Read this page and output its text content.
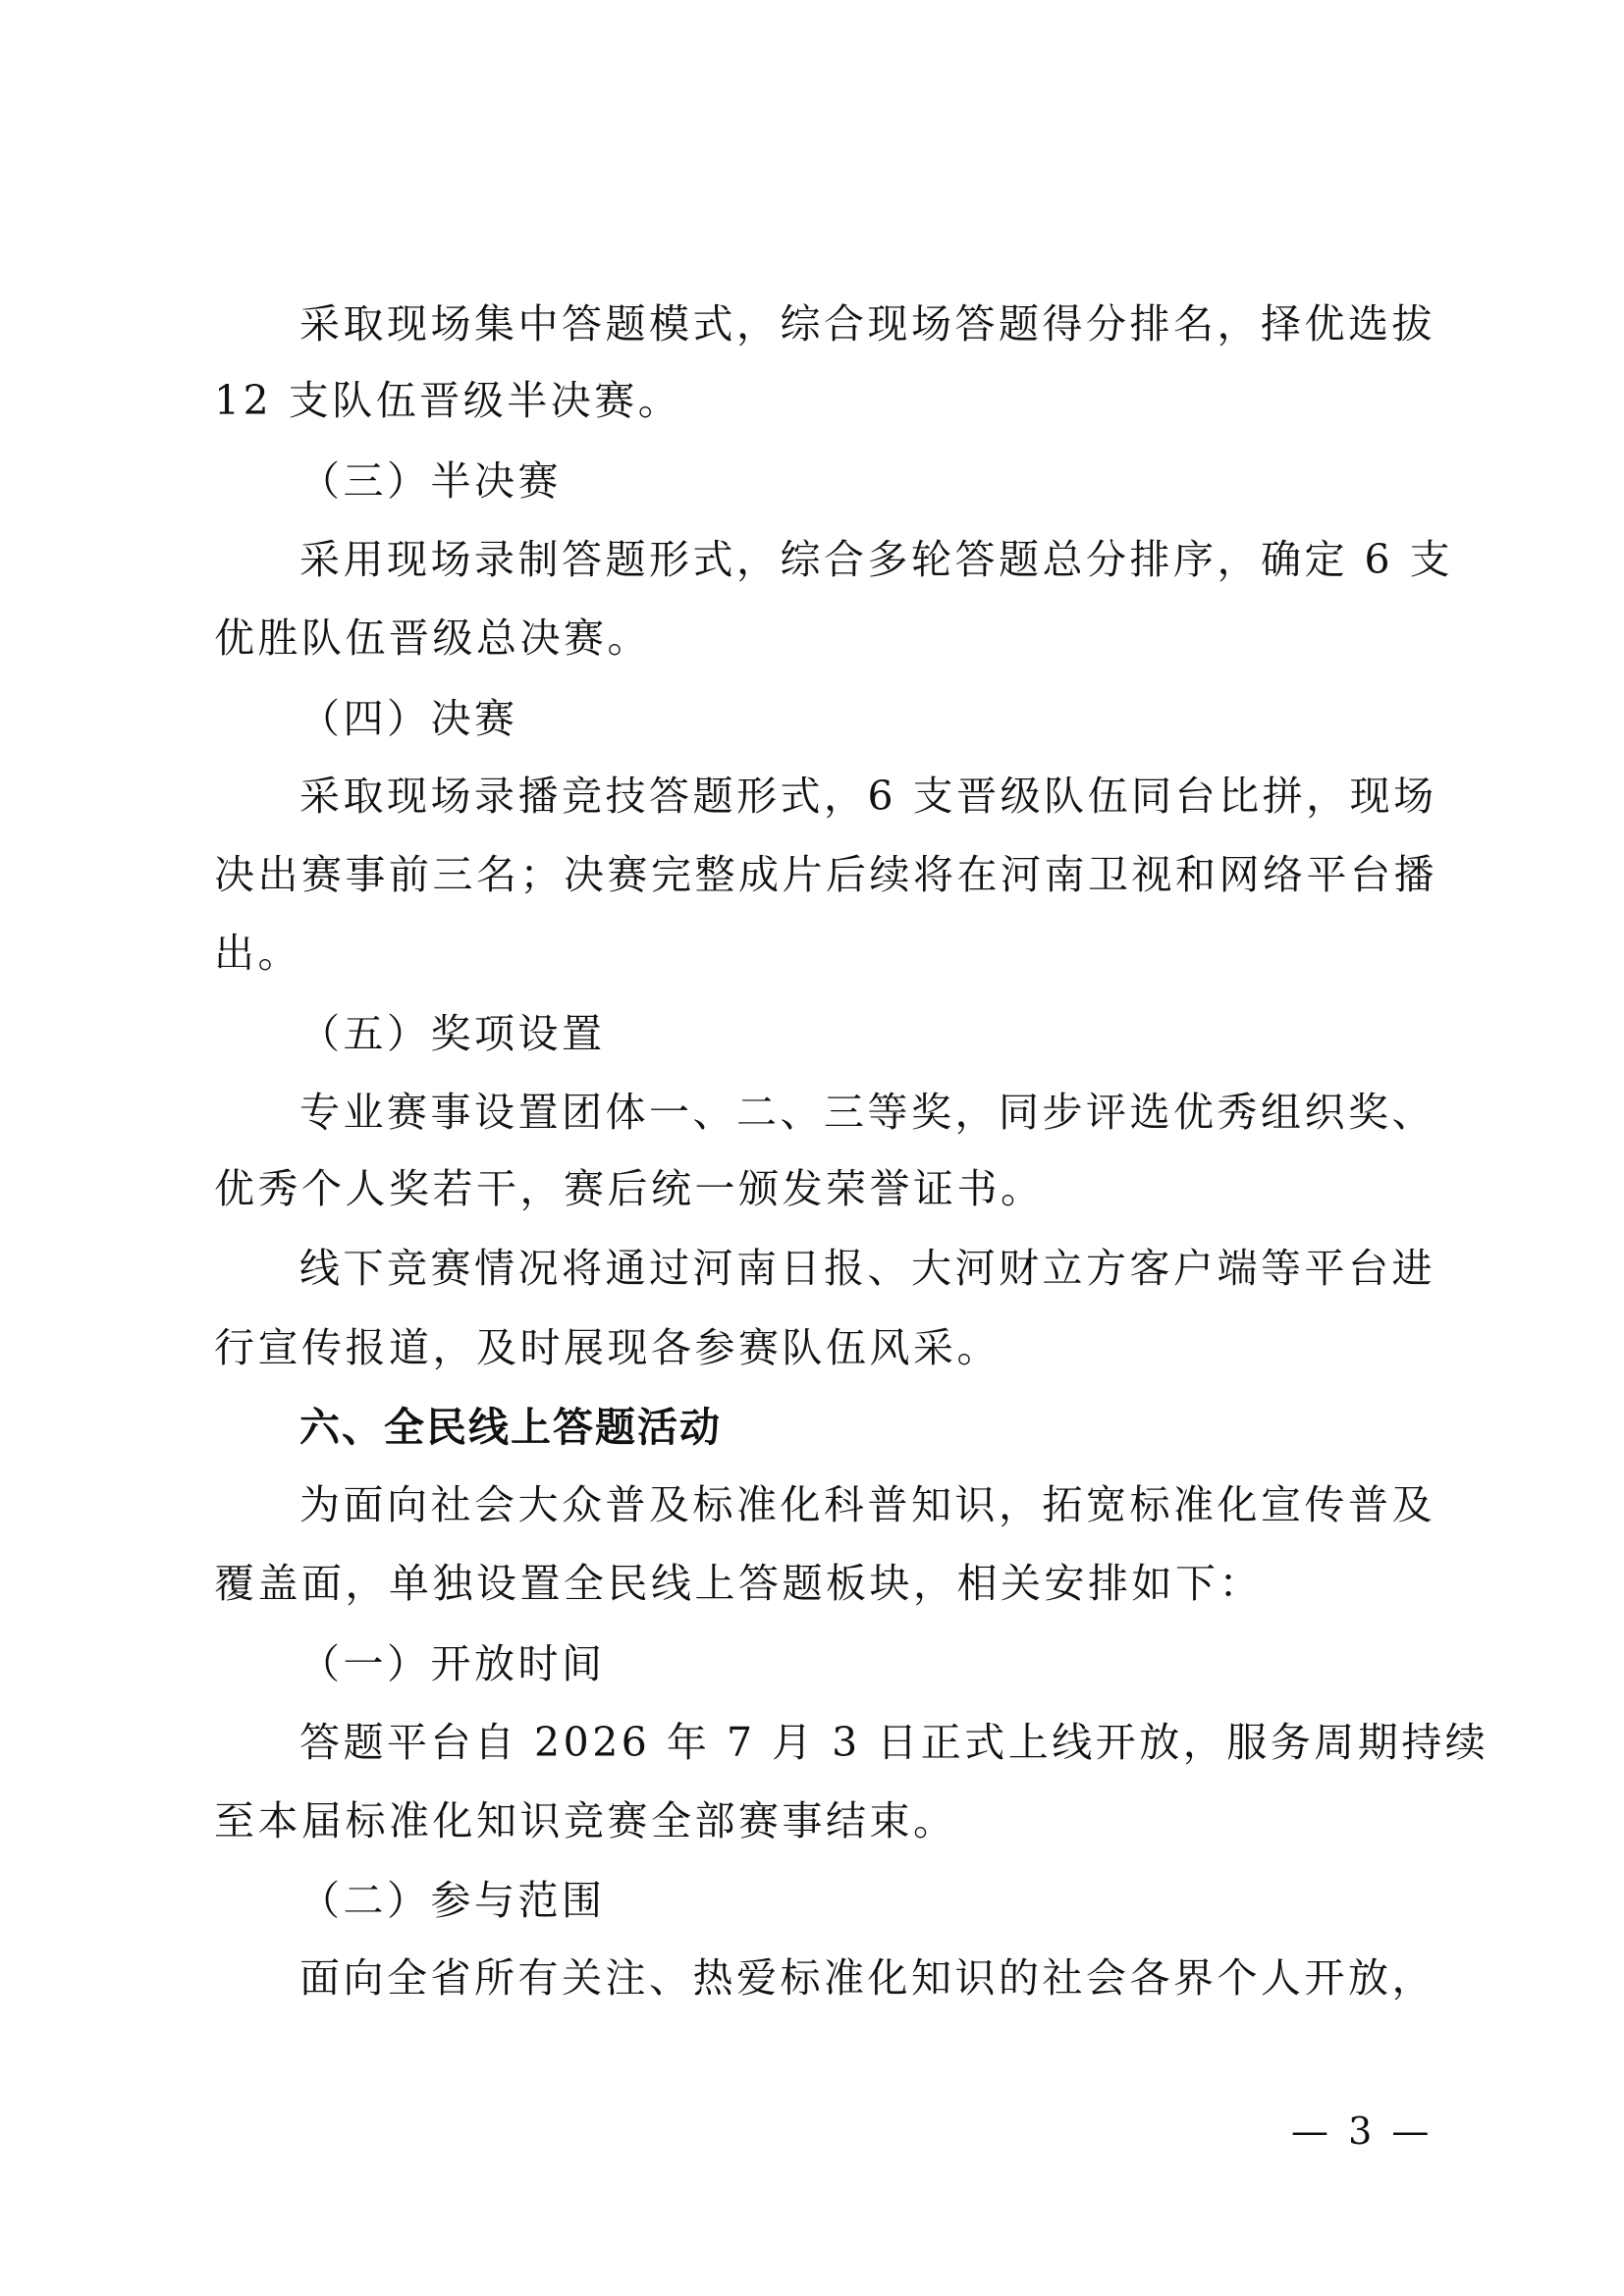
采取现场集中答题模式，综合现场答题得分排名，择优选拔
12 支队伍晋级半决赛。
（三）半决赛
采用现场录制答题形式，综合多轮答题总分排序，确定 6 支
优胜队伍晋级总决赛。
（四）决赛
采取现场录播竞技答题形式，6 支晋级队伍同台比拼，现场
决出赛事前三名；决赛完整成片后续将在河南卫视和网络平台播
出。
（五）奖项设置
专业赛事设置团体一、二、三等奖，同步评选优秀组织奖、
优秀个人奖若干，赛后统一颁发荣誉证书。
线下竞赛情况将通过河南日报、大河财立方客户端等平台进
行宣传报道，及时展现各参赛队伍风采。
六、全民线上答题活动
为面向社会大众普及标准化科普知识，拓宽标准化宣传普及
覆盖面，单独设置全民线上答题板块，相关安排如下：
（一）开放时间
答题平台自 2026 年 7 月 3 日正式上线开放，服务周期持续
至本届标准化知识竞赛全部赛事结束。
（二）参与范围
面向全省所有关注、热爱标准化知识的社会各界个人开放，
— 3 —
